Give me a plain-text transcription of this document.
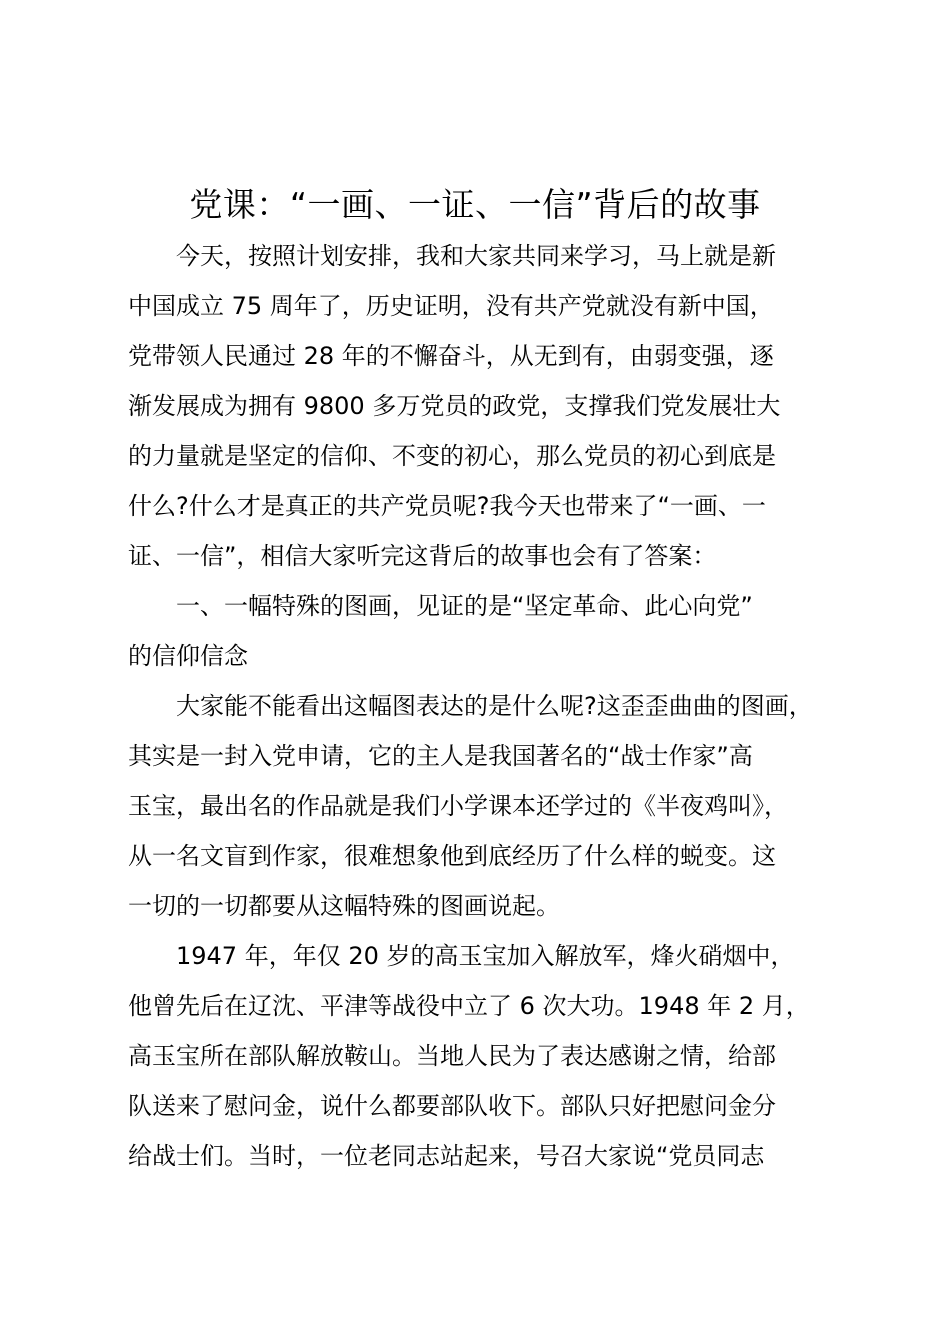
党课：“一画、一证、一信”背后的故事
今天，按照计划安排，我和大家共同来学习，马上就是新
中国成立 75 周年了，历史证明，没有共产党就没有新中国，
党带领人民通过 28 年的不懈奋斗，从无到有，由弱变强，逐
渐发展成为拥有 9800 多万党员的政党，支撑我们党发展壮大
的力量就是坚定的信仰、不变的初心，那么党员的初心到底是
什么?什么才是真正的共产党员呢?我今天也带来了“一画、一
证、一信”，相信大家听完这背后的故事也会有了答案：
一、一幅特殊的图画，见证的是“坚定革命、此心向党”
的信仰信念
大家能不能看出这幅图表达的是什么呢?这歪歪曲曲的图画，
其实是一封入党申请，它的主人是我国著名的“战士作家”高
玉宝，最出名的作品就是我们小学课本还学过的《半夜鸡叫》，
从一名文盲到作家，很难想象他到底经历了什么样的蜕变。这
一切的一切都要从这幅特殊的图画说起。
1947 年，年仅 20 岁的高玉宝加入解放军，烽火硝烟中，
他曾先后在辽沈、平津等战役中立了 6 次大功。1948 年 2 月，
高玉宝所在部队解放鞍山。当地人民为了表达感谢之情，给部
队送来了慰问金，说什么都要部队收下。部队只好把慰问金分
给战士们。当时，一位老同志站起来，号召大家说“党员同志
